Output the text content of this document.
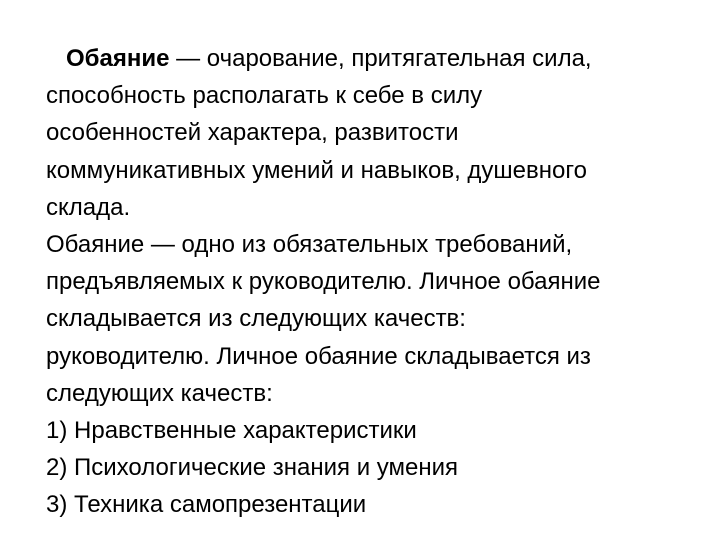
Обаяние — очарование, притягательная сила,
способность располагать к себе в силу
особенностей характера, развитости
коммуникативных умений и навыков, душевного
склада.
Обаяние — одно из обязательных требований,
предъявляемых к руководителю. Личное обаяние
складывается из следующих качеств:
руководителю. Личное обаяние складывается из
следующих качеств:
1) Нравственные характеристики
2) Психологические знания и умения
3) Техника самопрезентации
